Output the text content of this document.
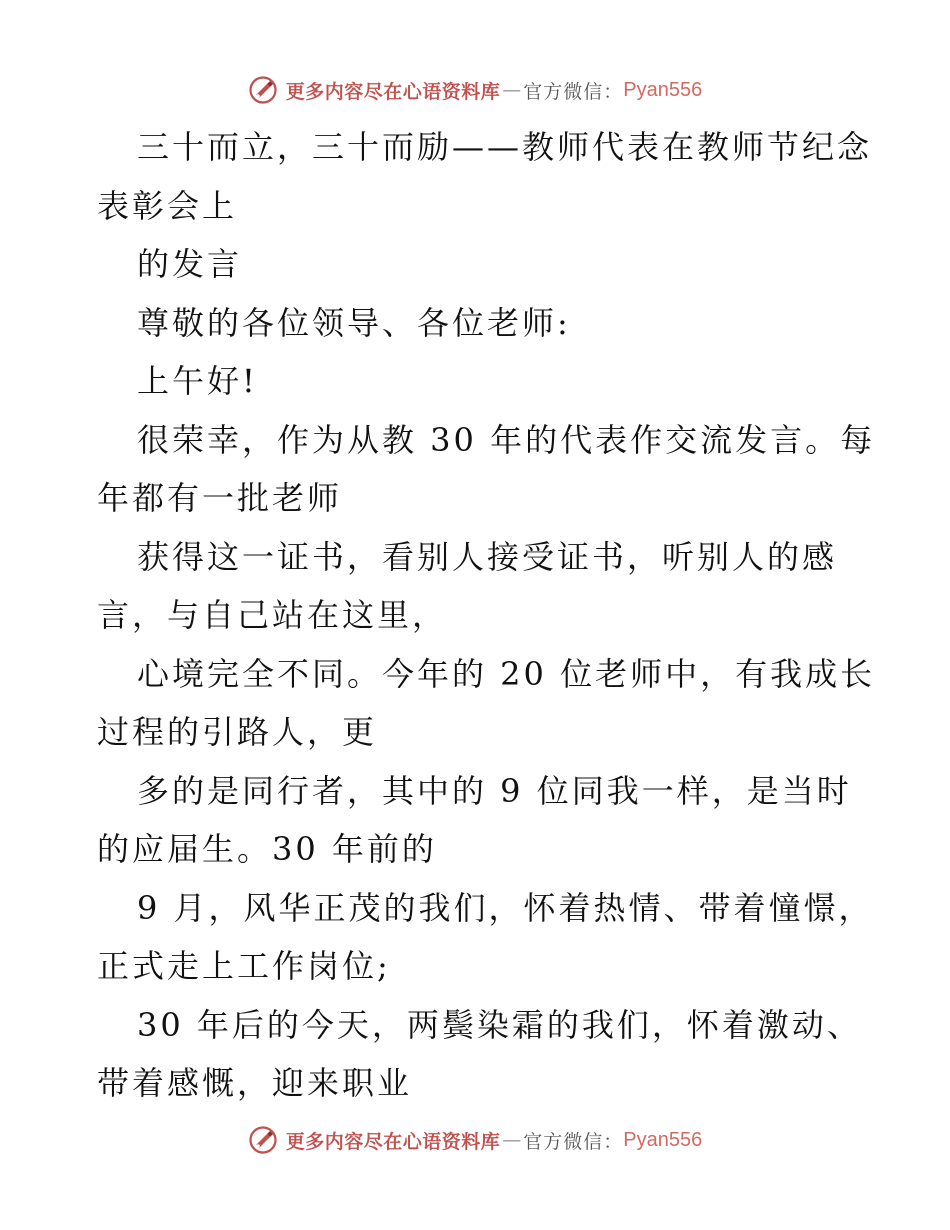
更多内容尽在心语资料库 — 官方微信： Pyan556
三十而立，三十而励——教师代表在教师节纪念
表彰会上
的发言
尊敬的各位领导、各位老师:
上午好!
很荣幸，作为从教 30 年的代表作交流发言。每
年都有一批老师
获得这一证书，看别人接受证书，听别人的感
言，与自己站在这里，
心境完全不同。今年的 20 位老师中，有我成长
过程的引路人，更
多的是同行者，其中的 9 位同我一样，是当时
的应届生。30 年前的
9 月，风华正茂的我们，怀着热情、带着憧憬，
正式走上工作岗位;
30 年后的今天，两鬓染霜的我们，怀着激动、
带着感慨，迎来职业
更多内容尽在心语资料库 — 官方微信： Pyan556
